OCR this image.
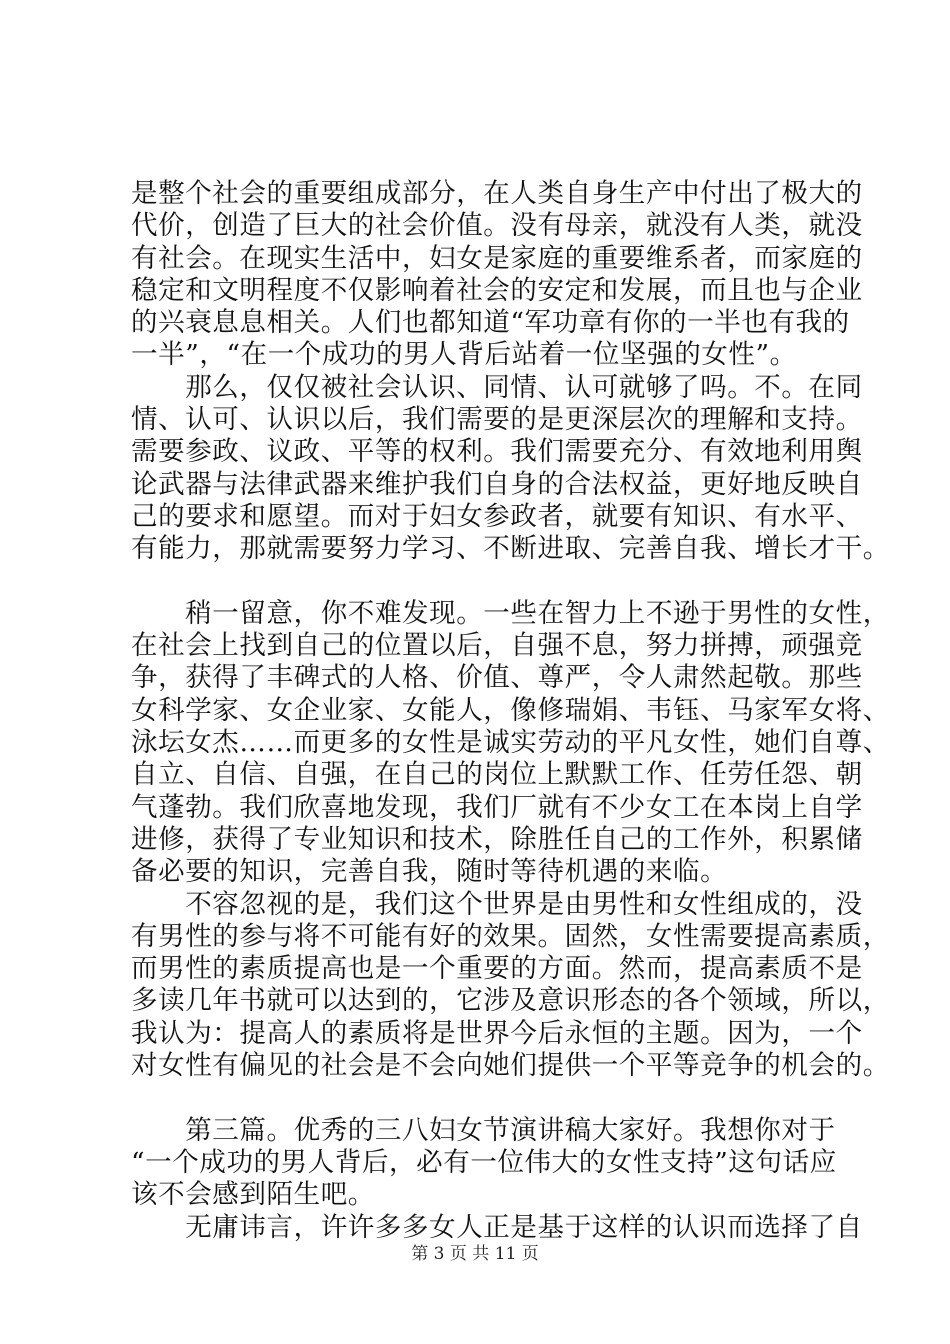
是整个社会的重要组成部分，在人类自身生产中付出了极大的
代价，创造了巨大的社会价值。没有母亲，就没有人类，就没
有社会。在现实生活中，妇女是家庭的重要维系者，而家庭的
稳定和文明程度不仅影响着社会的安定和发展，而且也与企业
的兴衰息息相关。人们也都知道“军功章有你的一半也有我的
一半”，“在一个成功的男人背后站着一位坚强的女性”。
　　那么，仅仅被社会认识、同情、认可就够了吗。不。在同
情、认可、认识以后，我们需要的是更深层次的理解和支持。
需要参政、议政、平等的权利。我们需要充分、有效地利用舆
论武器与法律武器来维护我们自身的合法权益，更好地反映自
己的要求和愿望。而对于妇女参政者，就要有知识、有水平、
有能力，那就需要努力学习、不断进取、完善自我、增长才干。
　　稍一留意，你不难发现。一些在智力上不逊于男性的女性，
在社会上找到自己的位置以后，自强不息，努力拼搏，顽强竞
争，获得了丰碑式的人格、价值、尊严，令人肃然起敬。那些
女科学家、女企业家、女能人，像修瑞娟、韦钰、马家军女将、
泳坛女杰……而更多的女性是诚实劳动的平凡女性，她们自尊、
自立、自信、自强，在自己的岗位上默默工作、任劳任怨、朝
气蓬勃。我们欣喜地发现，我们厂就有不少女工在本岗上自学
进修，获得了专业知识和技术，除胜任自己的工作外，积累储
备必要的知识，完善自我，随时等待机遇的来临。
　　不容忽视的是，我们这个世界是由男性和女性组成的，没
有男性的参与将不可能有好的效果。固然，女性需要提高素质，
而男性的素质提高也是一个重要的方面。然而，提高素质不是
多读几年书就可以达到的，它涉及意识形态的各个领域，所以，
我认为：提高人的素质将是世界今后永恒的主题。因为，一个
对女性有偏见的社会是不会向她们提供一个平等竞争的机会的。
　　第三篇。优秀的三八妇女节演讲稿大家好。我想你对于
“一个成功的男人背后，必有一位伟大的女性支持”这句话应
该不会感到陌生吧。
　　无庸讳言，许许多多女人正是基于这样的认识而选择了自
第 3 页 共 11 页
